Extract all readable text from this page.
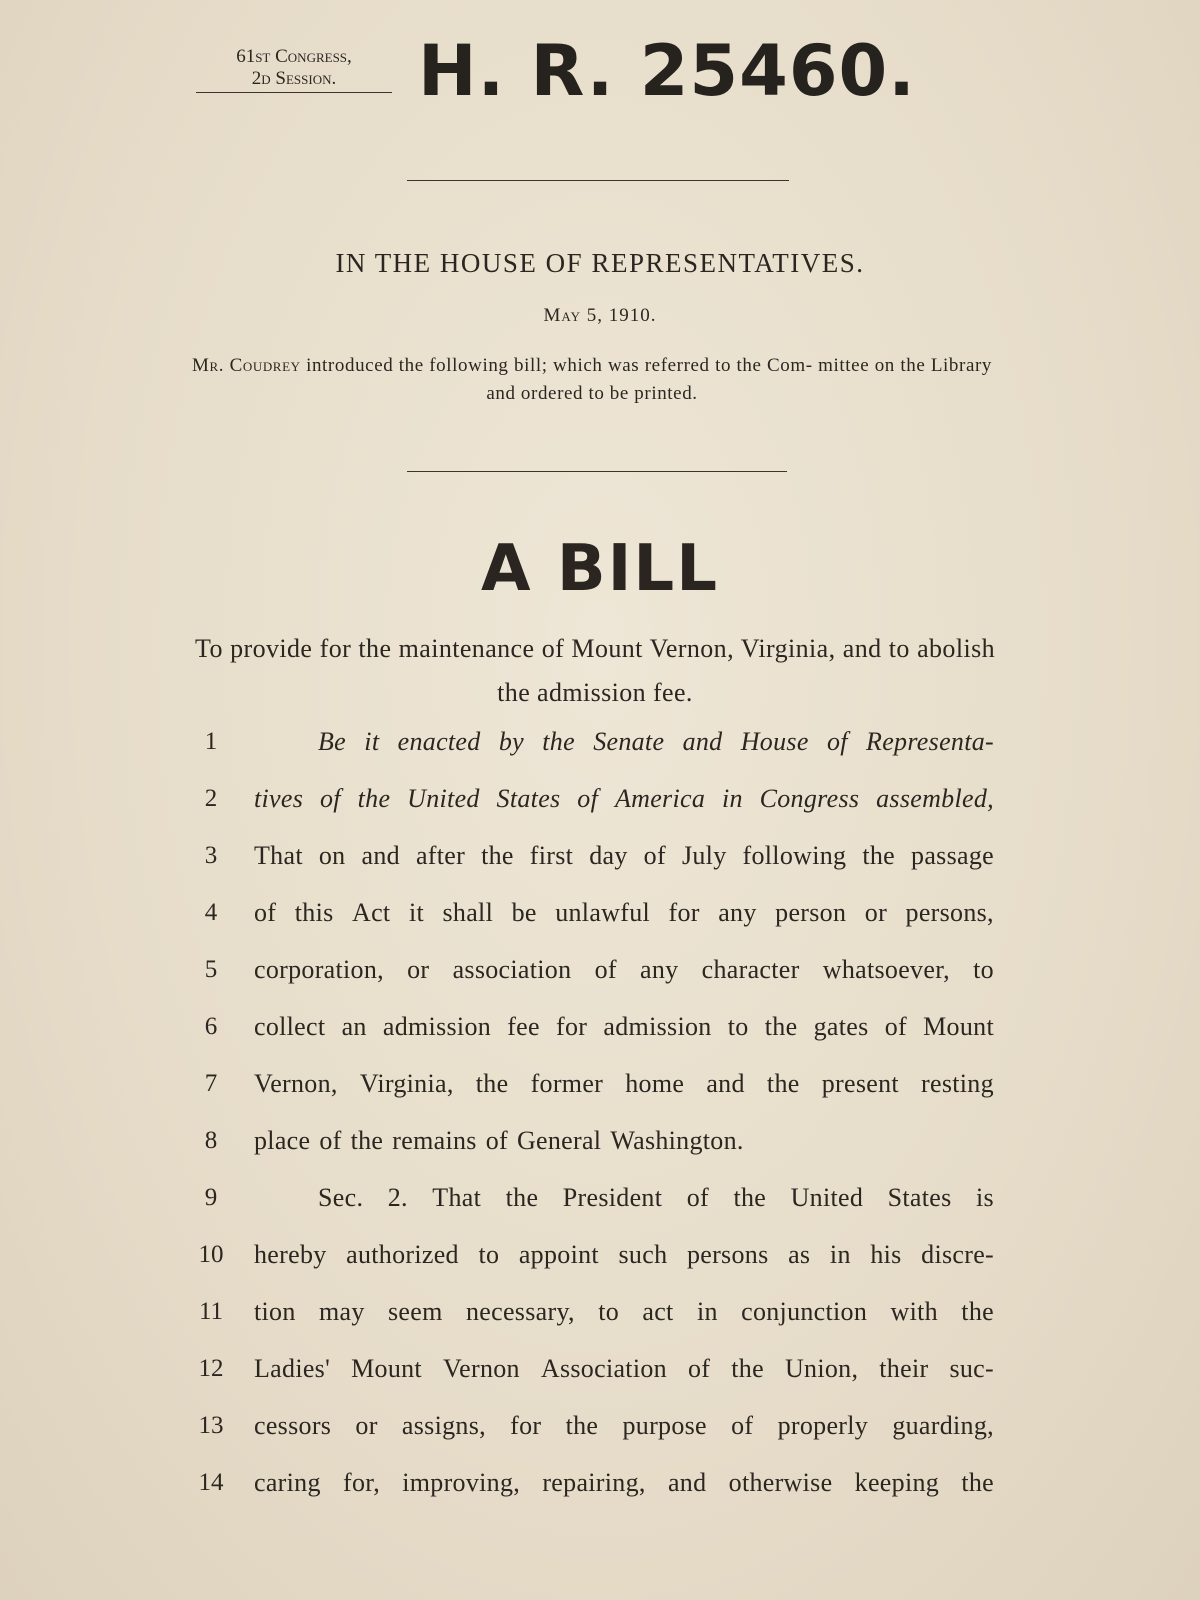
61st Congress,
2d Session.	H. R. 25460.
IN THE HOUSE OF REPRESENTATIVES.
May 5, 1910.
Mr. Coudrey introduced the following bill; which was referred to the Com- mittee on the Library and ordered to be printed.
A BILL
To provide for the maintenance of Mount Vernon, Virginia, and to abolish the admission fee.
1	Be it enacted by the Senate and House of Representa-
2	tives of the United States of America in Congress assembled,
3	That on and after the first day of July following the passage
4	of this Act it shall be unlawful for any person or persons,
5	corporation, or association of any character whatsoever, to
6	collect an admission fee for admission to the gates of Mount
7	Vernon, Virginia, the former home and the present resting
8	place of the remains of General Washington.
9	Sec. 2. That the President of the United States is
10	hereby authorized to appoint such persons as in his discre-
11	tion may seem necessary, to act in conjunction with the
12	Ladies' Mount Vernon Association of the Union, their suc-
13	cessors or assigns, for the purpose of properly guarding,
14	caring for, improving, repairing, and otherwise keeping the
